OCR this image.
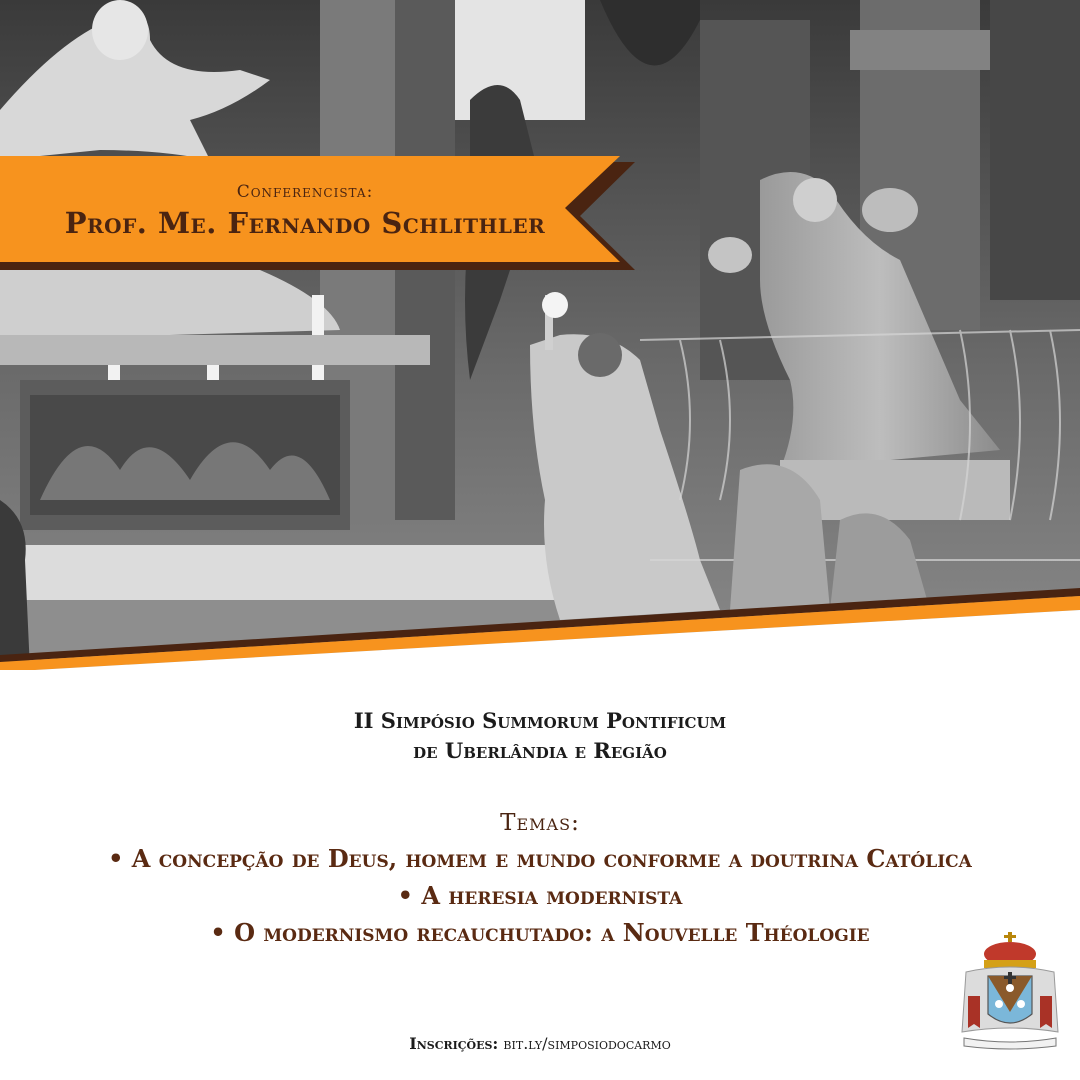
Conferencista:
Prof. Me. Fernando Schlithler
II Simpósio Summorum Pontificum
de Uberlândia e Região
Temas:
• A concepção de Deus, homem e mundo conforme a doutrina Católica
• A heresia modernista
• O modernismo recauchutado: a Nouvelle Théologie
Inscrições: bit.ly/simposiodocarmo
